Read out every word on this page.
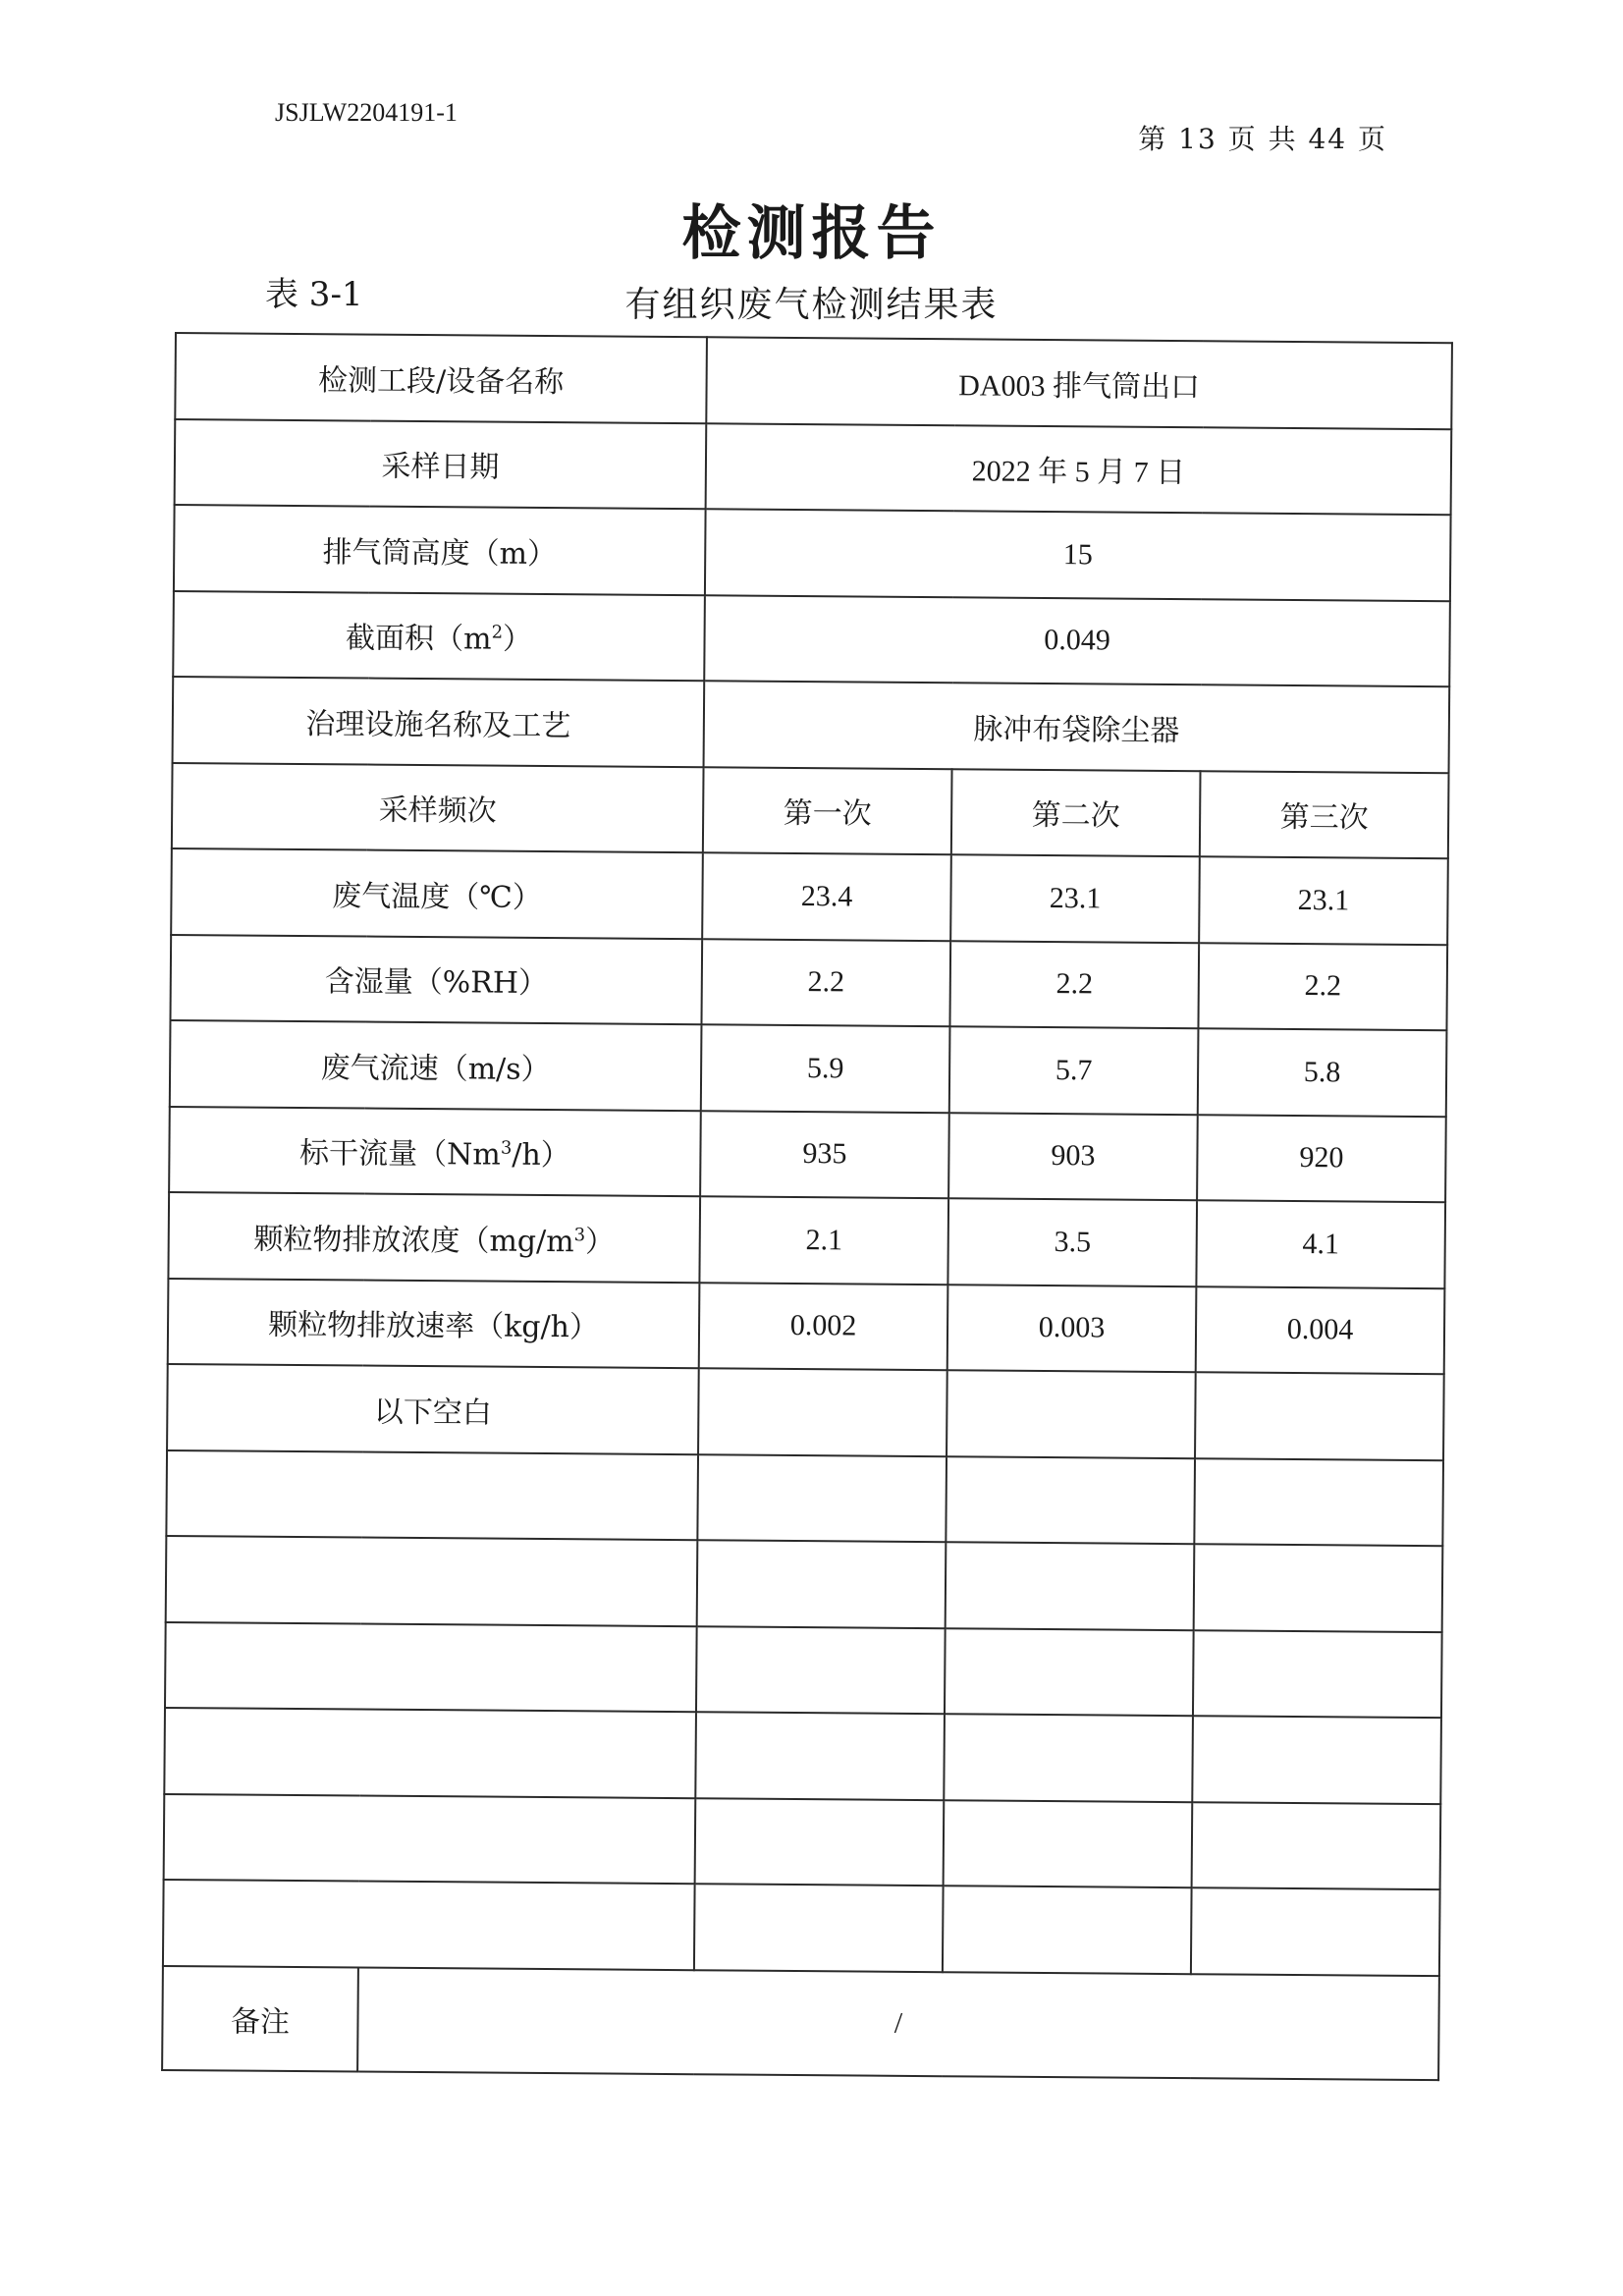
JSJLW2204191-1
第 13 页 共 44 页
检测报告
表 3-1	有组织废气检测结果表
检测工段/设备名称		DA003 排气筒出口		
采样日期		2022 年 5 月 7 日		
排气筒高度（m）		15		
截面积$(m^2)$		0.049		
治理设施名称及工艺		脉冲布袋除尘器		
采样频次		第一次	第二次	第三次
废气温度（℃）		23.4	23.1	23.1
含湿量（%RH）		2.2	2.2	2.2
废气流速（m/s）		5.9	5.7	5.8
标干流量（Nm$^3$/h）		935	903	920
颗粒物排放浓度$(mg/m^3)$		2.1	3.5	4.1
颗粒物排放速率（kg/h）		0.002	0.003	0.004
以下空白				

备注	/			
